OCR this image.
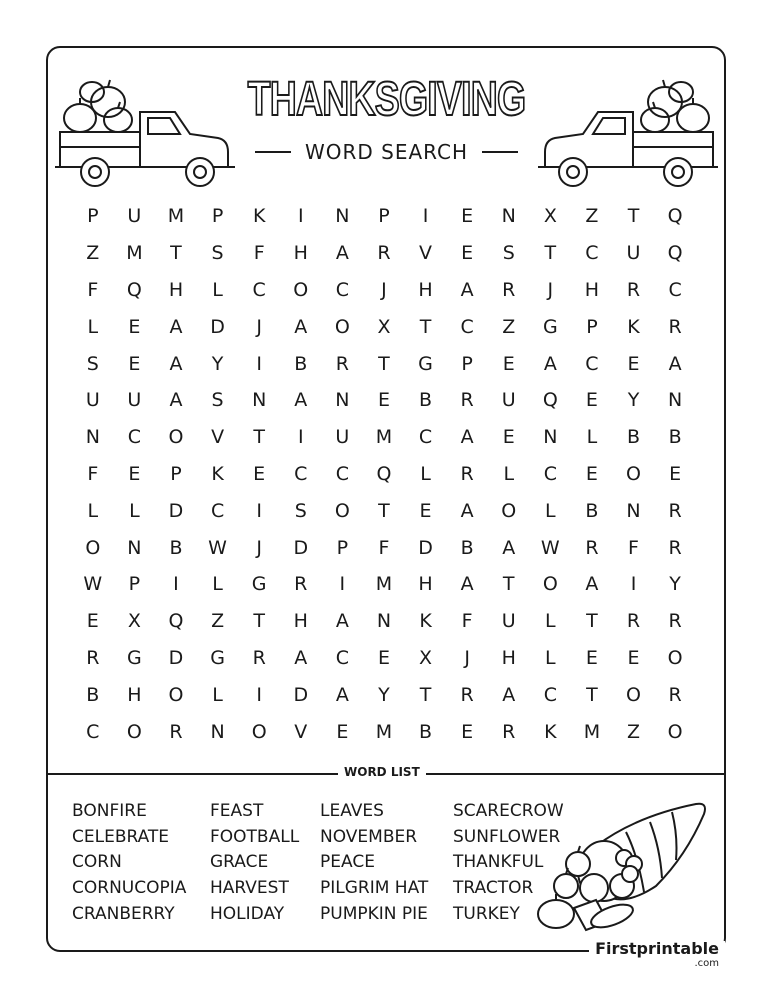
THANKSGIVING
WORD SEARCH
P	U	M	P	K	I	N	P	I	E	N	X	Z	T	Q
Z	M	T	S	F	H	A	R	V	E	S	T	C	U	Q
F	Q	H	L	C	O	C	J	H	A	R	J	H	R	C
L	E	A	D	J	A	O	X	T	C	Z	G	P	K	R
S	E	A	Y	I	B	R	T	G	P	E	A	C	E	A
U	U	A	S	N	A	N	E	B	R	U	Q	E	Y	N
N	C	O	V	T	I	U	M	C	A	E	N	L	B	B
F	E	P	K	E	C	C	Q	L	R	L	C	E	O	E
L	L	D	C	I	S	O	T	E	A	O	L	B	N	R
O	N	B	W	J	D	P	F	D	B	A	W	R	F	R
W	P	I	L	G	R	I	M	H	A	T	O	A	I	Y
E	X	Q	Z	T	H	A	N	K	F	U	L	T	R	R
R	G	D	G	R	A	C	E	X	J	H	L	E	E	O
B	H	O	L	I	D	A	Y	T	R	A	C	T	O	R
C	O	R	N	O	V	E	M	B	E	R	K	M	Z	O
WORD LIST
BONFIRE
CELEBRATE
CORN
CORNUCOPIA
CRANBERRY
FEAST
FOOTBALL
GRACE
HARVEST
HOLIDAY
LEAVES
NOVEMBER
PEACE
PILGRIM HAT
PUMPKIN PIE
SCARECROW
SUNFLOWER
THANKFUL
TRACTOR
TURKEY
Firstprintable
.com
